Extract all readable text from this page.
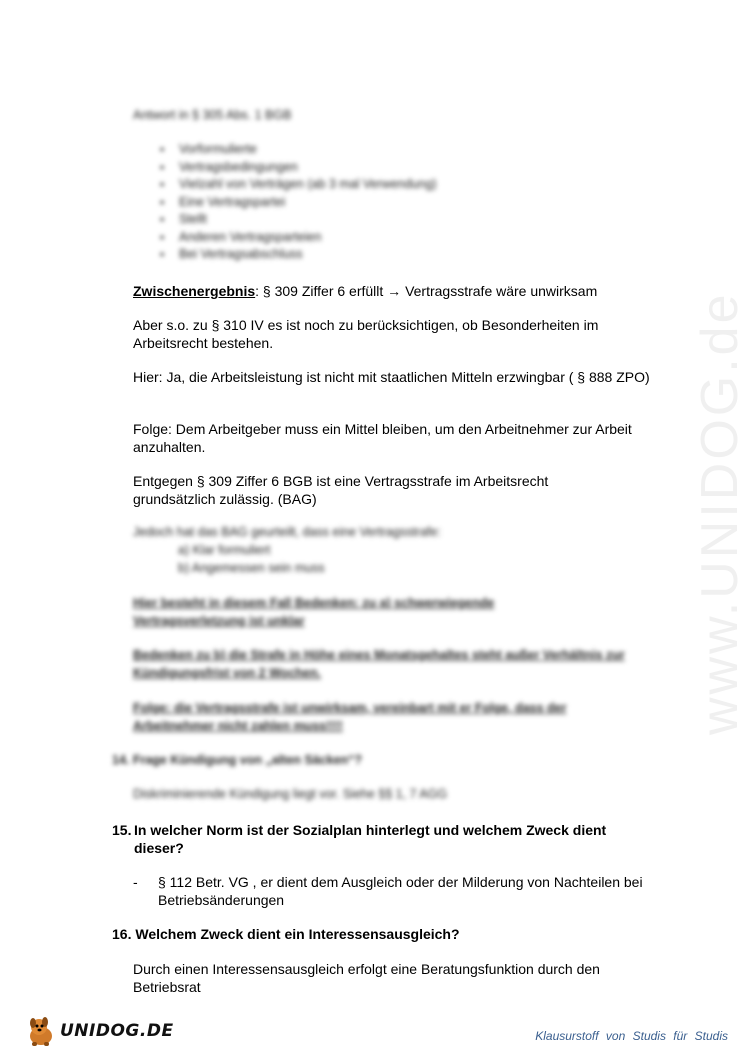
www.UNIDOG.de
Antwort in § 305 Abs. 1 BGB
▪ Vorformulierte
▪ Vertragsbedingungen
▪ Vielzahl von Verträgen (ab 3 mal Verwendung)
▪ Eine Vertragspartei
▪ Stellt
▪ Anderen Vertragsparteien
▪ Bei Vertragsabschluss
Zwischenergebnis: § 309 Ziffer 6 erfüllt → Vertragsstrafe wäre unwirksam
Aber s.o. zu § 310 IV es ist noch zu berücksichtigen, ob Besonderheiten im Arbeitsrecht bestehen.
Hier: Ja, die Arbeitsleistung ist nicht mit staatlichen Mitteln erzwingbar ( § 888 ZPO)
Folge: Dem Arbeitgeber muss ein Mittel bleiben, um den Arbeitnehmer zur Arbeit anzuhalten.
Entgegen § 309 Ziffer 6 BGB ist eine Vertragsstrafe im Arbeitsrecht grundsätzlich zulässig. (BAG)
Jedoch hat das BAG geurteilt, dass eine Vertragsstrafe:
a) Klar formuliert
b) Angemessen sein muss
Hier besteht in diesem Fall Bedenken: zu a) schwerwiegende Vertragsverletzung ist unklar
Bedenken zu b) die Strafe in Höhe eines Monatsgehaltes steht außer Verhältnis zur Kündigungsfrist von 2 Wochen.
Folge: die Vertragsstrafe ist unwirksam, vereinbart mit er Folge, dass der Arbeitnehmer nicht zahlen muss!!!!
14. Frage Kündigung von „alten Säcken“?
Diskriminierende Kündigung liegt vor. Siehe §§ 1, 7 AGG
15. In welcher Norm ist der Sozialplan hinterlegt und welchem Zweck dient dieser?
- § 112 Betr. VG , er dient dem Ausgleich oder der Milderung von Nachteilen bei Betriebsänderungen
16. Welchem Zweck dient ein Interessensausgleich?
Durch einen Interessensausgleich erfolgt eine Beratungsfunktion durch den Betriebsrat
UNIDOG.DE	Klausurstoff von Studis für Studis
